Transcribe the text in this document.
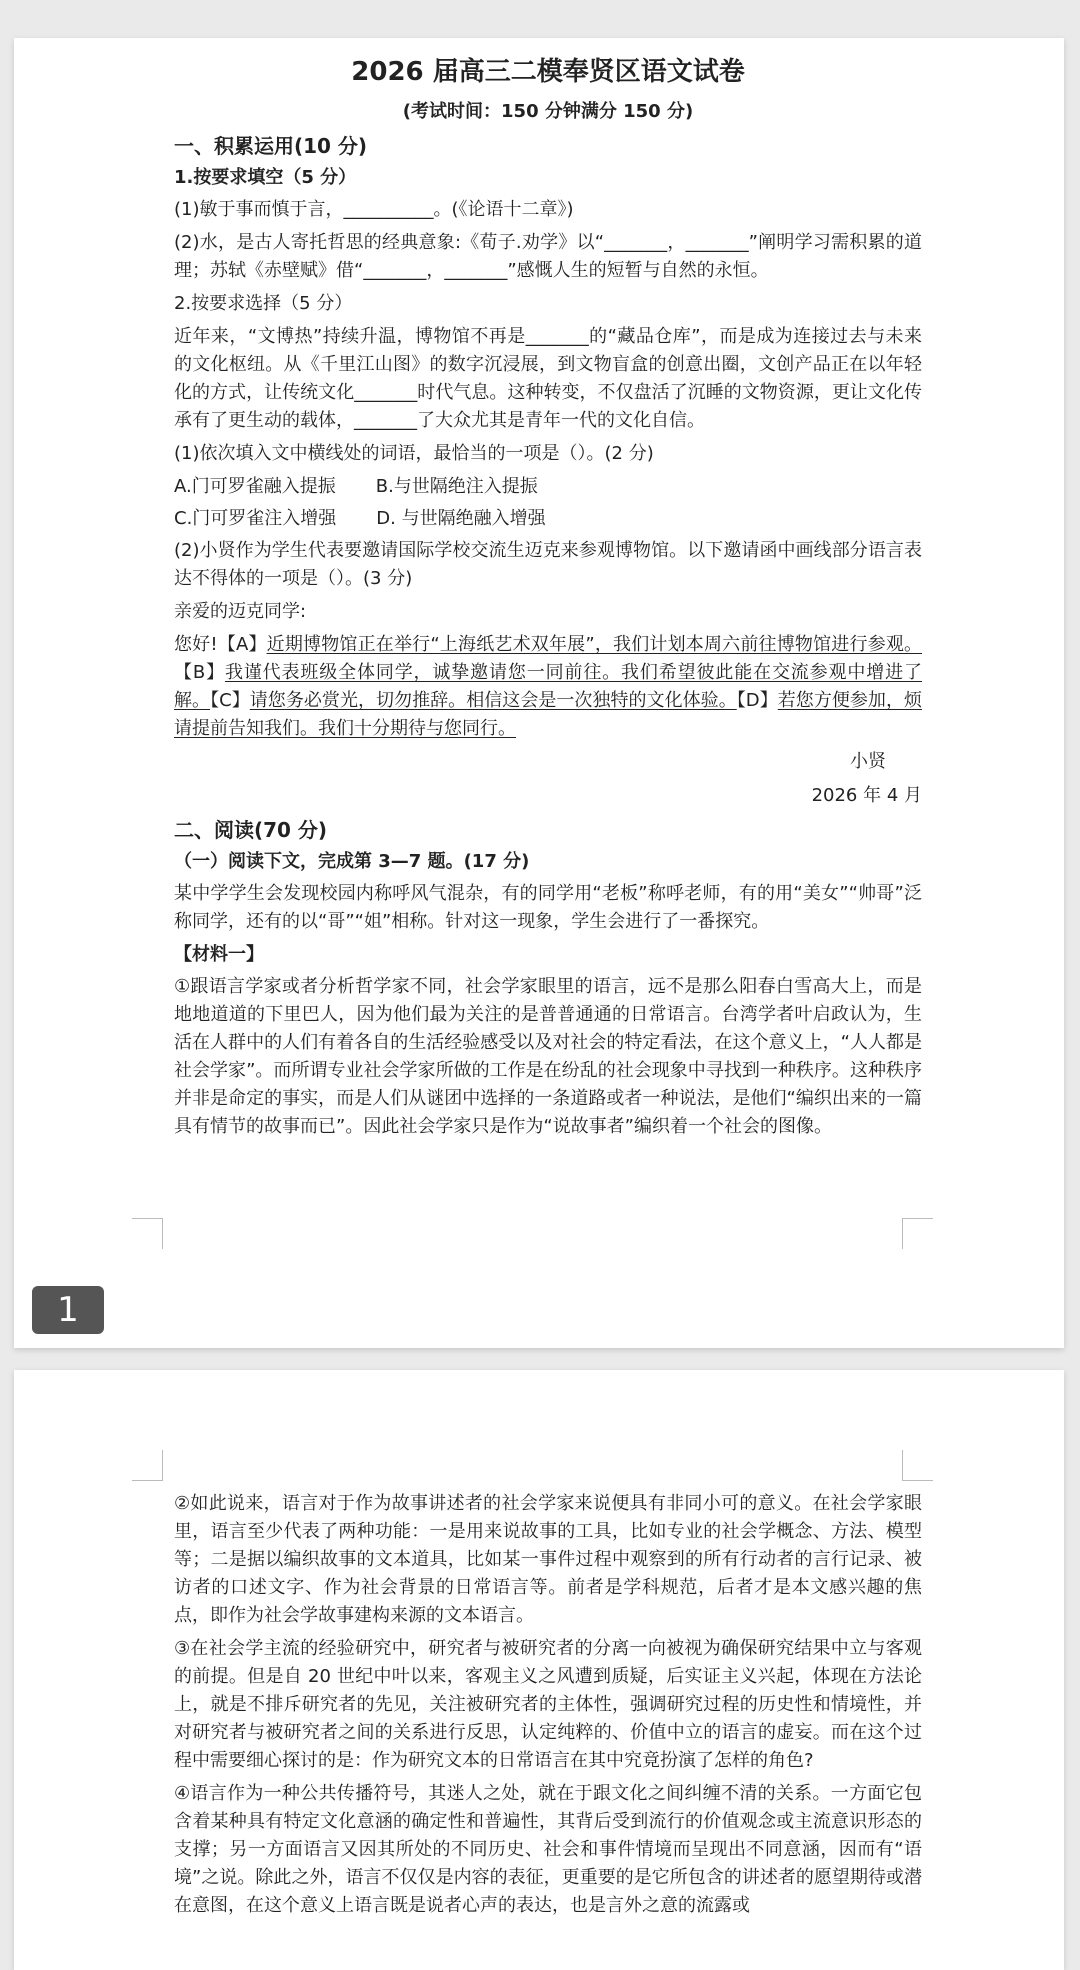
2026 届高三二模奉贤区语文试卷
(考试时间：150 分钟满分 150 分)
一、积累运用(10 分)
1.按要求填空（5 分）

(1)敏于事而慎于言，__________。(《论语十二章》)

(2)水，是古人寄托哲思的经典意象:《荀子.劝学》以“_______，_______”阐明学习需积累的道理；苏轼《赤壁赋》借“_______，_______”感慨人生的短暂与自然的永恒。

2.按要求选择（5 分）

近年来，“文博热”持续升温，博物馆不再是_______的“藏品仓库”，而是成为连接过去与未来的文化枢纽。从《千里江山图》的数字沉浸展，到文物盲盒的创意出圈，文创产品正在以年轻化的方式，让传统文化_______时代气息。这种转变，不仅盘活了沉睡的文物资源，更让文化传承有了更生动的载体，_______了大众尤其是青年一代的文化自信。

(1)依次填入文中横线处的词语，最恰当的一项是（）。(2 分)

A.门可罗雀融入提振 B.与世隔绝注入提振
C.门可罗雀注入增强 D. 与世隔绝融入增强

(2)小贤作为学生代表要邀请国际学校交流生迈克来参观博物馆。以下邀请函中画线部分语言表达不得体的一项是（）。(3 分)

亲爱的迈克同学:

您好!【A】近期博物馆正在举行“上海纸艺术双年展”，我们计划本周六前往博物馆进行参观。【B】我谨代表班级全体同学，诚挚邀请您一同前往。我们希望彼此能在交流参观中增进了解。【C】请您务必赏光，切勿推辞。相信这会是一次独特的文化体验。【D】若您方便参加，烦请提前告知我们。我们十分期待与您同行。

小贤
2026 年 4 月
二、阅读(70 分)
（一）阅读下文，完成第 3—7 题。(17 分)

某中学学生会发现校园内称呼风气混杂，有的同学用“老板”称呼老师，有的用“美女”“帅哥”泛称同学，还有的以“哥”“姐”相称。针对这一现象，学生会进行了一番探究。

【材料一】

①跟语言学家或者分析哲学家不同，社会学家眼里的语言，远不是那么阳春白雪高大上，而是地地道道的下里巴人，因为他们最为关注的是普普通通的日常语言。台湾学者叶启政认为，生活在人群中的人们有着各自的生活经验感受以及对社会的特定看法，在这个意义上，“人人都是社会学家”。而所谓专业社会学家所做的工作是在纷乱的社会现象中寻找到一种秩序。这种秩序并非是命定的事实，而是人们从谜团中选择的一条道路或者一种说法，是他们“编织出来的一篇具有情节的故事而已”。因此社会学家只是作为“说故事者”编织着一个社会的图像。

1

②如此说来，语言对于作为故事讲述者的社会学家来说便具有非同小可的意义。在社会学家眼里，语言至少代表了两种功能：一是用来说故事的工具，比如专业的社会学概念、方法、模型等；二是据以编织故事的文本道具，比如某一事件过程中观察到的所有行动者的言行记录、被访者的口述文字、作为社会背景的日常语言等。前者是学科规范，后者才是本文感兴趣的焦点，即作为社会学故事建构来源的文本语言。

③在社会学主流的经验研究中，研究者与被研究者的分离一向被视为确保研究结果中立与客观的前提。但是自 20 世纪中叶以来，客观主义之风遭到质疑，后实证主义兴起，体现在方法论上，就是不排斥研究者的先见，关注被研究者的主体性，强调研究过程的历史性和情境性，并对研究者与被研究者之间的关系进行反思，认定纯粹的、价值中立的语言的虚妄。而在这个过程中需要细心探讨的是：作为研究文本的日常语言在其中究竟扮演了怎样的角色?

④语言作为一种公共传播符号，其迷人之处，就在于跟文化之间纠缠不清的关系。一方面它包含着某种具有特定文化意涵的确定性和普遍性，其背后受到流行的价值观念或主流意识形态的支撑；另一方面语言又因其所处的不同历史、社会和事件情境而呈现出不同意涵，因而有“语境”之说。除此之外，语言不仅仅是内容的表征，更重要的是它所包含的讲述者的愿望期待或潜在意图，在这个意义上语言既是说者心声的表达，也是言外之意的流露或
